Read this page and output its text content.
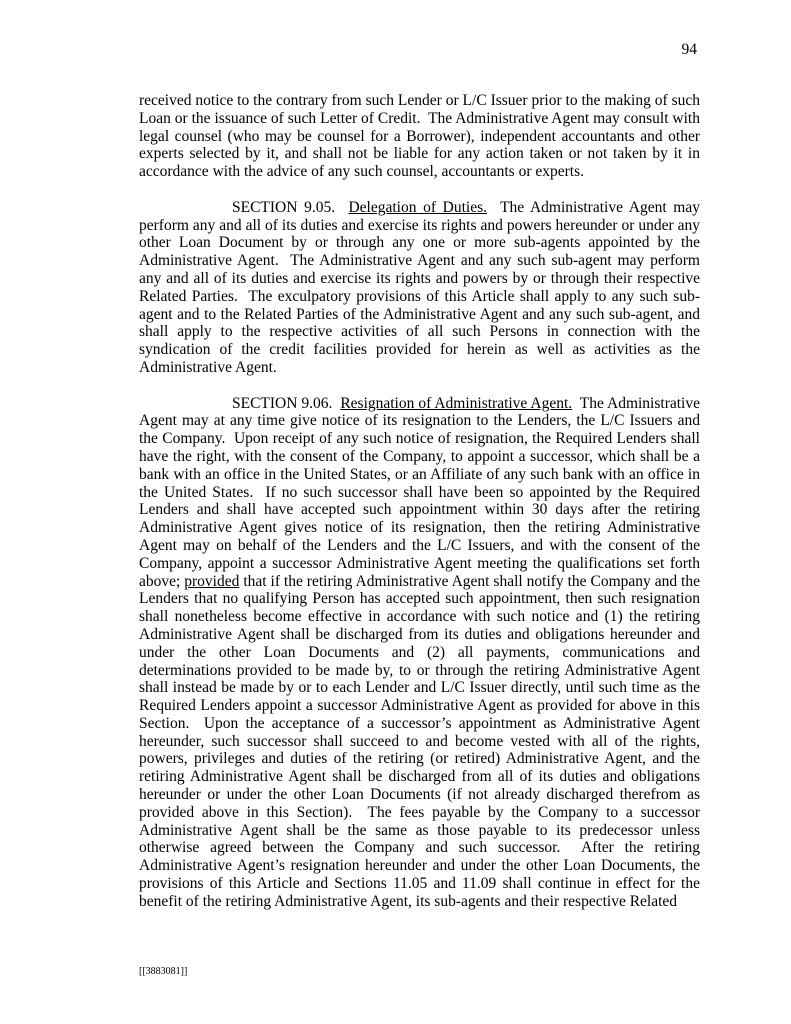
94

received notice to the contrary from such Lender or L/C Issuer prior to the making of such Loan or the issuance of such Letter of Credit.  The Administrative Agent may consult with legal counsel (who may be counsel for a Borrower), independent accountants and other experts selected by it, and shall not be liable for any action taken or not taken by it in accordance with the advice of any such counsel, accountants or experts.

SECTION 9.05.  Delegation of Duties.  The Administrative Agent may perform any and all of its duties and exercise its rights and powers hereunder or under any other Loan Document by or through any one or more sub-agents appointed by the Administrative Agent.  The Administrative Agent and any such sub-agent may perform any and all of its duties and exercise its rights and powers by or through their respective Related Parties.  The exculpatory provisions of this Article shall apply to any such sub-agent and to the Related Parties of the Administrative Agent and any such sub-agent, and shall apply to the respective activities of all such Persons in connection with the syndication of the credit facilities provided for herein as well as activities as the Administrative Agent.

SECTION 9.06.  Resignation of Administrative Agent.  The Administrative Agent may at any time give notice of its resignation to the Lenders, the L/C Issuers and the Company.  Upon receipt of any such notice of resignation, the Required Lenders shall have the right, with the consent of the Company, to appoint a successor, which shall be a bank with an office in the United States, or an Affiliate of any such bank with an office in the United States.  If no such successor shall have been so appointed by the Required Lenders and shall have accepted such appointment within 30 days after the retiring Administrative Agent gives notice of its resignation, then the retiring Administrative Agent may on behalf of the Lenders and the L/C Issuers, and with the consent of the Company, appoint a successor Administrative Agent meeting the qualifications set forth above; provided that if the retiring Administrative Agent shall notify the Company and the Lenders that no qualifying Person has accepted such appointment, then such resignation shall nonetheless become effective in accordance with such notice and (1) the retiring Administrative Agent shall be discharged from its duties and obligations hereunder and under the other Loan Documents and (2) all payments, communications and determinations provided to be made by, to or through the retiring Administrative Agent shall instead be made by or to each Lender and L/C Issuer directly, until such time as the Required Lenders appoint a successor Administrative Agent as provided for above in this Section.  Upon the acceptance of a successor’s appointment as Administrative Agent hereunder, such successor shall succeed to and become vested with all of the rights, powers, privileges and duties of the retiring (or retired) Administrative Agent, and the retiring Administrative Agent shall be discharged from all of its duties and obligations hereunder or under the other Loan Documents (if not already discharged therefrom as provided above in this Section).  The fees payable by the Company to a successor Administrative Agent shall be the same as those payable to its predecessor unless otherwise agreed between the Company and such successor.  After the retiring Administrative Agent’s resignation hereunder and under the other Loan Documents, the provisions of this Article and Sections 11.05 and 11.09 shall continue in effect for the benefit of the retiring Administrative Agent, its sub-agents and their respective Related

[[3883081]]
